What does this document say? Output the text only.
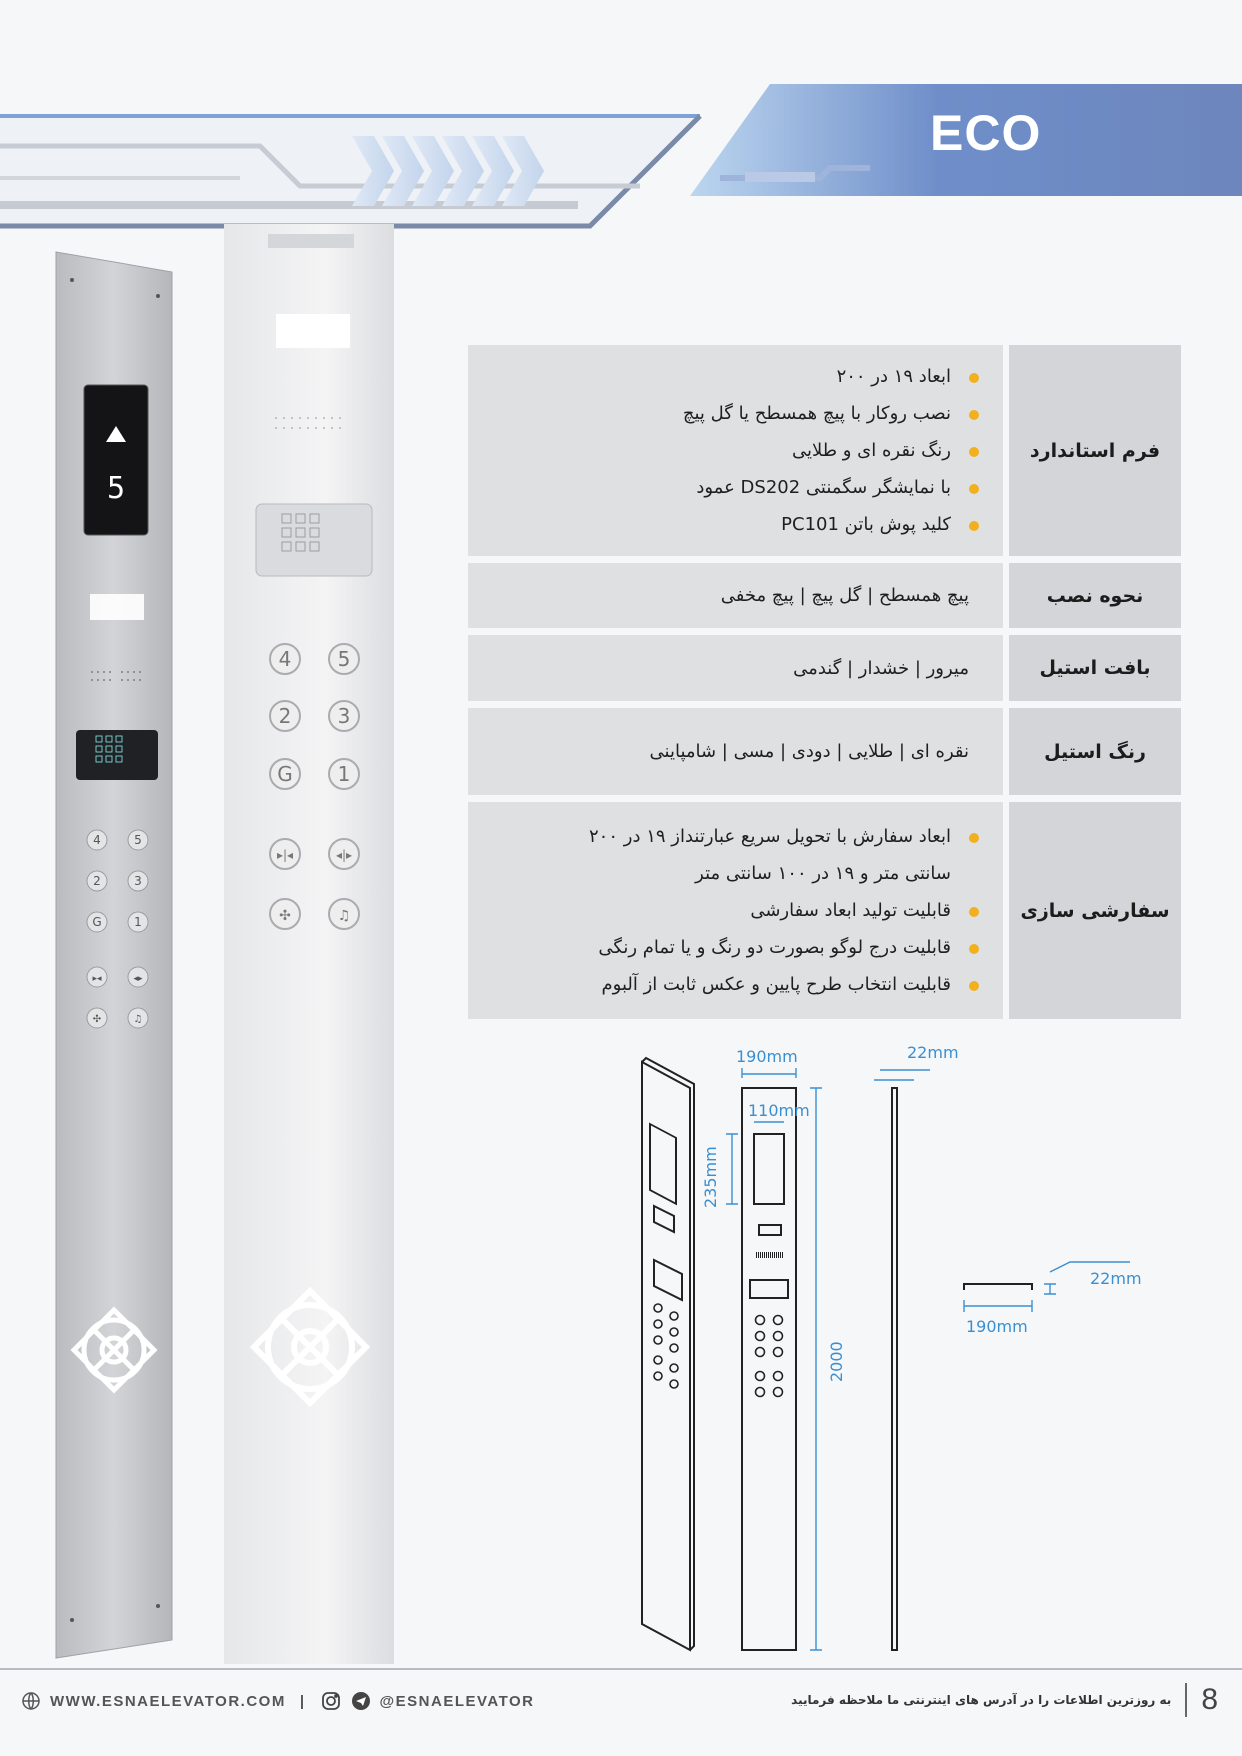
ECO
5
4	5
2	3
G	1
▸◂	◂▸
✣	♫
4 5
2 3
G 1
▸|◂	◂|▸
✣	♫
ابعاد ۱۹ در ۲۰۰
نصب روکار با پیچ همسطح یا گل پیچ
رنگ نقره ای و طلایی
با نمایشگر سگمنتی DS202 عمود
کلید پوش باتن PC101
فرم استاندارد
پیچ همسطح | گل پیچ | پیچ مخفی	نحوه نصب
میرور | خشدار | گندمی	بافت استیل
نقره ای | طلایی | دودی | مسی | شامپاینی	رنگ استیل
ابعاد سفارش با تحویل سریع عبارتنداز ۱۹ در ۲۰۰
سانتی متر و ۱۹ در ۱۰۰ سانتی متر
قابلیت تولید ابعاد سفارشی
قابلیت درج لوگو بصورت دو رنگ و یا تمام رنگی
قابلیت انتخاب طرح پایین و عکس ثابت از آلبوم
سفارشی سازی
190mm	22mm
110mm
235mm
2000
22mm
190mm
WWW.ESNAELEVATOR.COM |	@ESNAELEVATOR	به روزترین اطلاعات را در آدرس های اینترنتی ما ملاحظه فرمایید 8
